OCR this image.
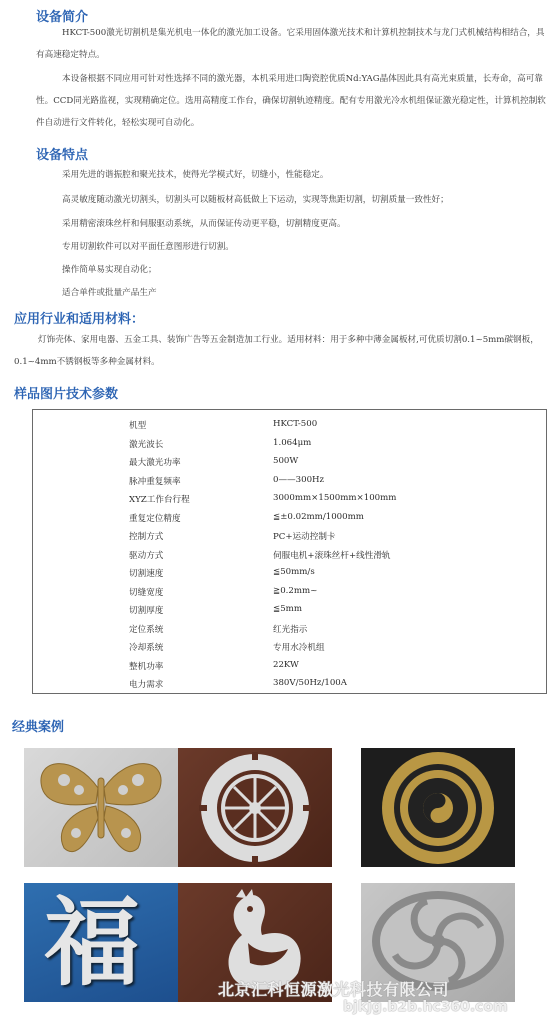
设备简介
HKCT-500激光切割机是集光机电一体化的激光加工设备。它采用固体激光技术和计算机控制技术与龙门式机械结构相结合，具有高速稳定特点。
本设备根据不同应用可针对性选择不同的激光器，本机采用进口陶瓷腔优质Nd:YAG晶体因此具有高光束质量，长寿命，高可靠性。CCD同光路监视，实现精确定位。选用高精度工作台，确保切割轨迹精度。配有专用激光冷水机组保证激光稳定性，计算机控制软件自动进行文件转化，轻松实现可自动化。
设备特点
采用先进的谐振腔和聚光技术，使得光学模式好，切缝小，性能稳定。
高灵敏度随动激光切割头，切割头可以随板材高低做上下运动，实现等焦距切割，切割质量一致性好；
采用精密滚珠丝杆和伺服驱动系统，从而保证传动更平稳，切割精度更高。
专用切割软件可以对平面任意图形进行切割。
操作简单易实现自动化；
适合单件或批量产品生产
应用行业和适用材料：
灯饰壳体、家用电器、五金工具、装饰广告等五金制造加工行业。适用材料：用于多种中薄金属板材,可优质切割0.1~5mm碳钢板，0.1~4mm不锈钢板等多种金属材料。
样品图片技术参数
机型	HKCT-500
激光波长	1.064μm
最大激光功率	500W
脉冲重复频率	0——300Hz
XYZ工作台行程	3000mm×1500mm×100mm
重复定位精度	≦±0.02mm/1000mm
控制方式	PC+运动控制卡
驱动方式	伺服电机+滚珠丝杆+线性滑轨
切割速度	≦50mm/s
切缝宽度	≧0.2mm~
切割厚度	≦5mm
定位系统	红光指示
冷却系统	专用水冷机组
整机功率	22KW
电力需求	380V/50Hz/100A
经典案例
福	北京汇科恒源激光科技有限公司
bjkjg.b2b.hc360.com
